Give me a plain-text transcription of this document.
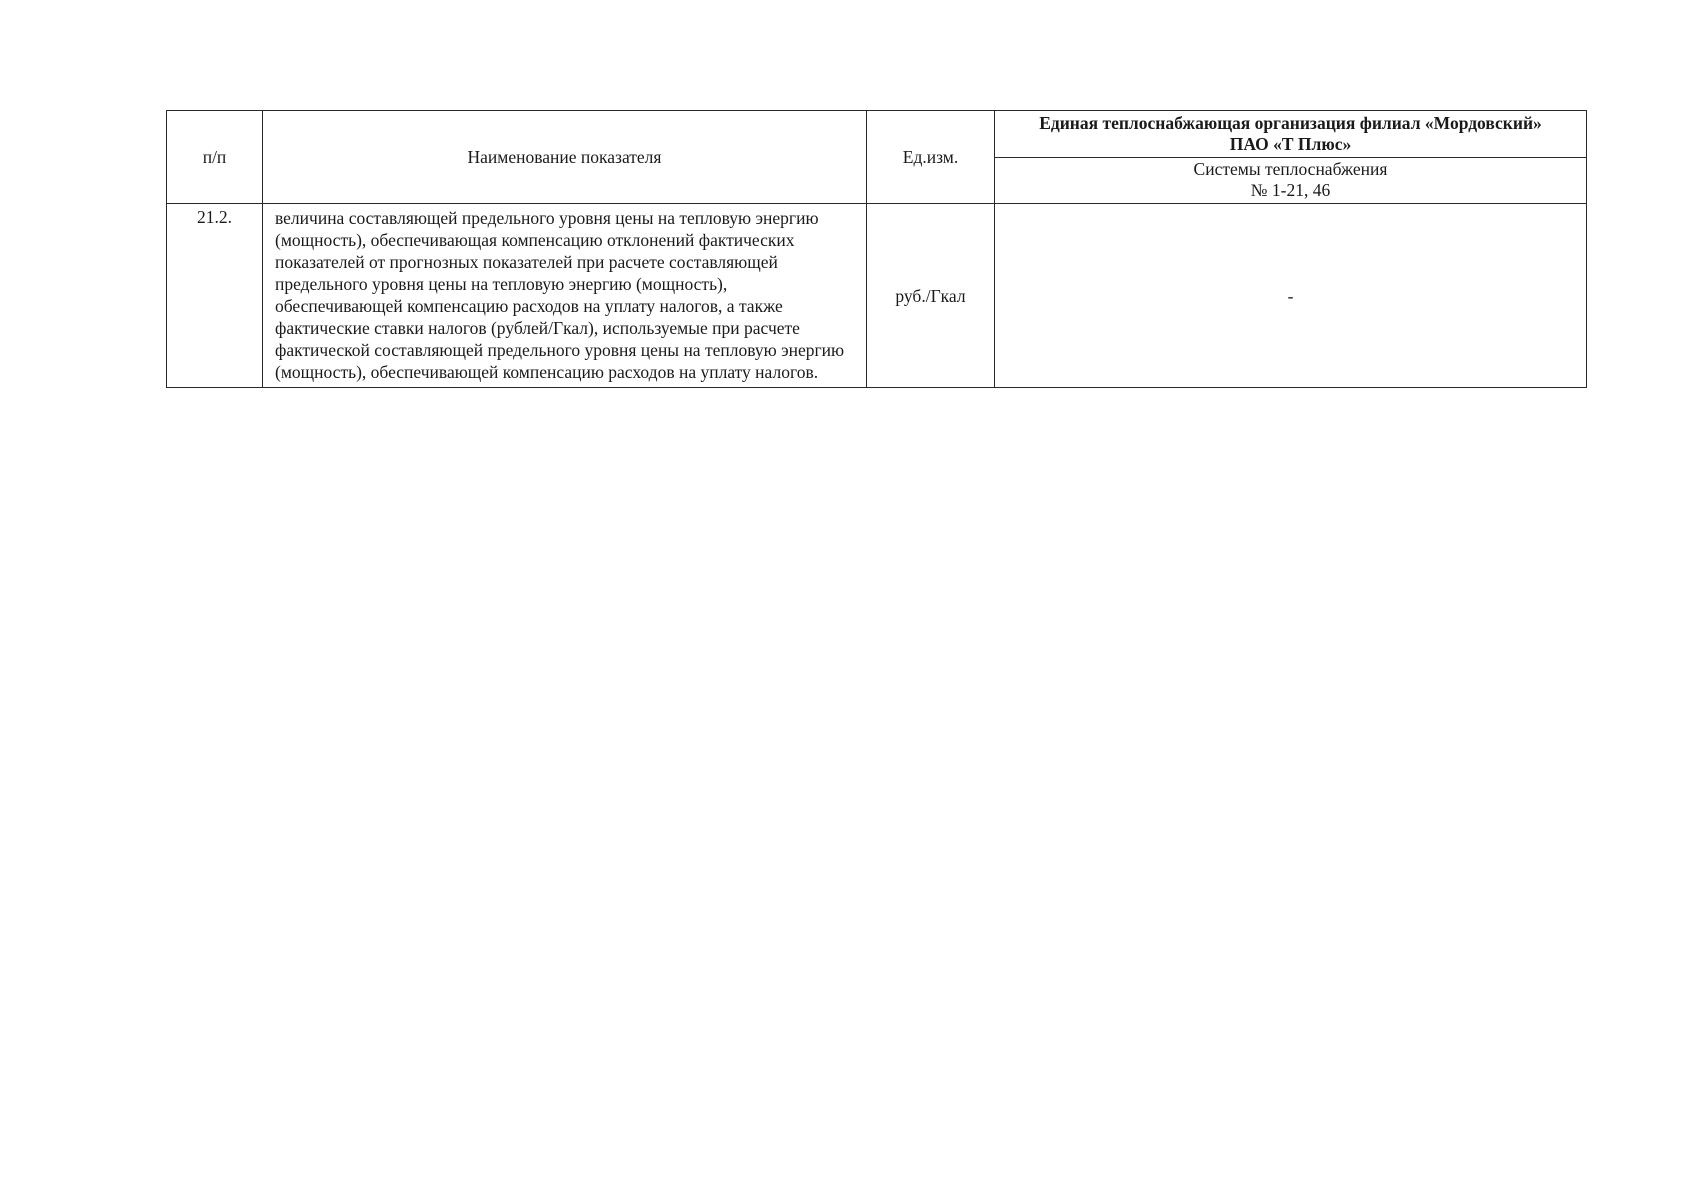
п/п	Наименование показателя	Ед.изм.	Единая теплоснабжающая организация филиал «Мордовский»
ПАО «Т Плюс»

			Системы теплоснабжения
№ 1-21, 46

21.2.	величина составляющей предельного уровня цены на тепловую энергию (мощность), обеспечивающая компенсацию отклонений фактических показателей от прогнозных показателей при расчете составляющей предельного уровня цены на тепловую энергию (мощность), обеспечивающей компенсацию расходов на уплату налогов, а также фактические ставки налогов (рублей/Гкал), используемые при расчете фактической составляющей предельного уровня цены на тепловую энергию (мощность), обеспечивающей компенсацию расходов на уплату налогов.	руб./Гкал	-
